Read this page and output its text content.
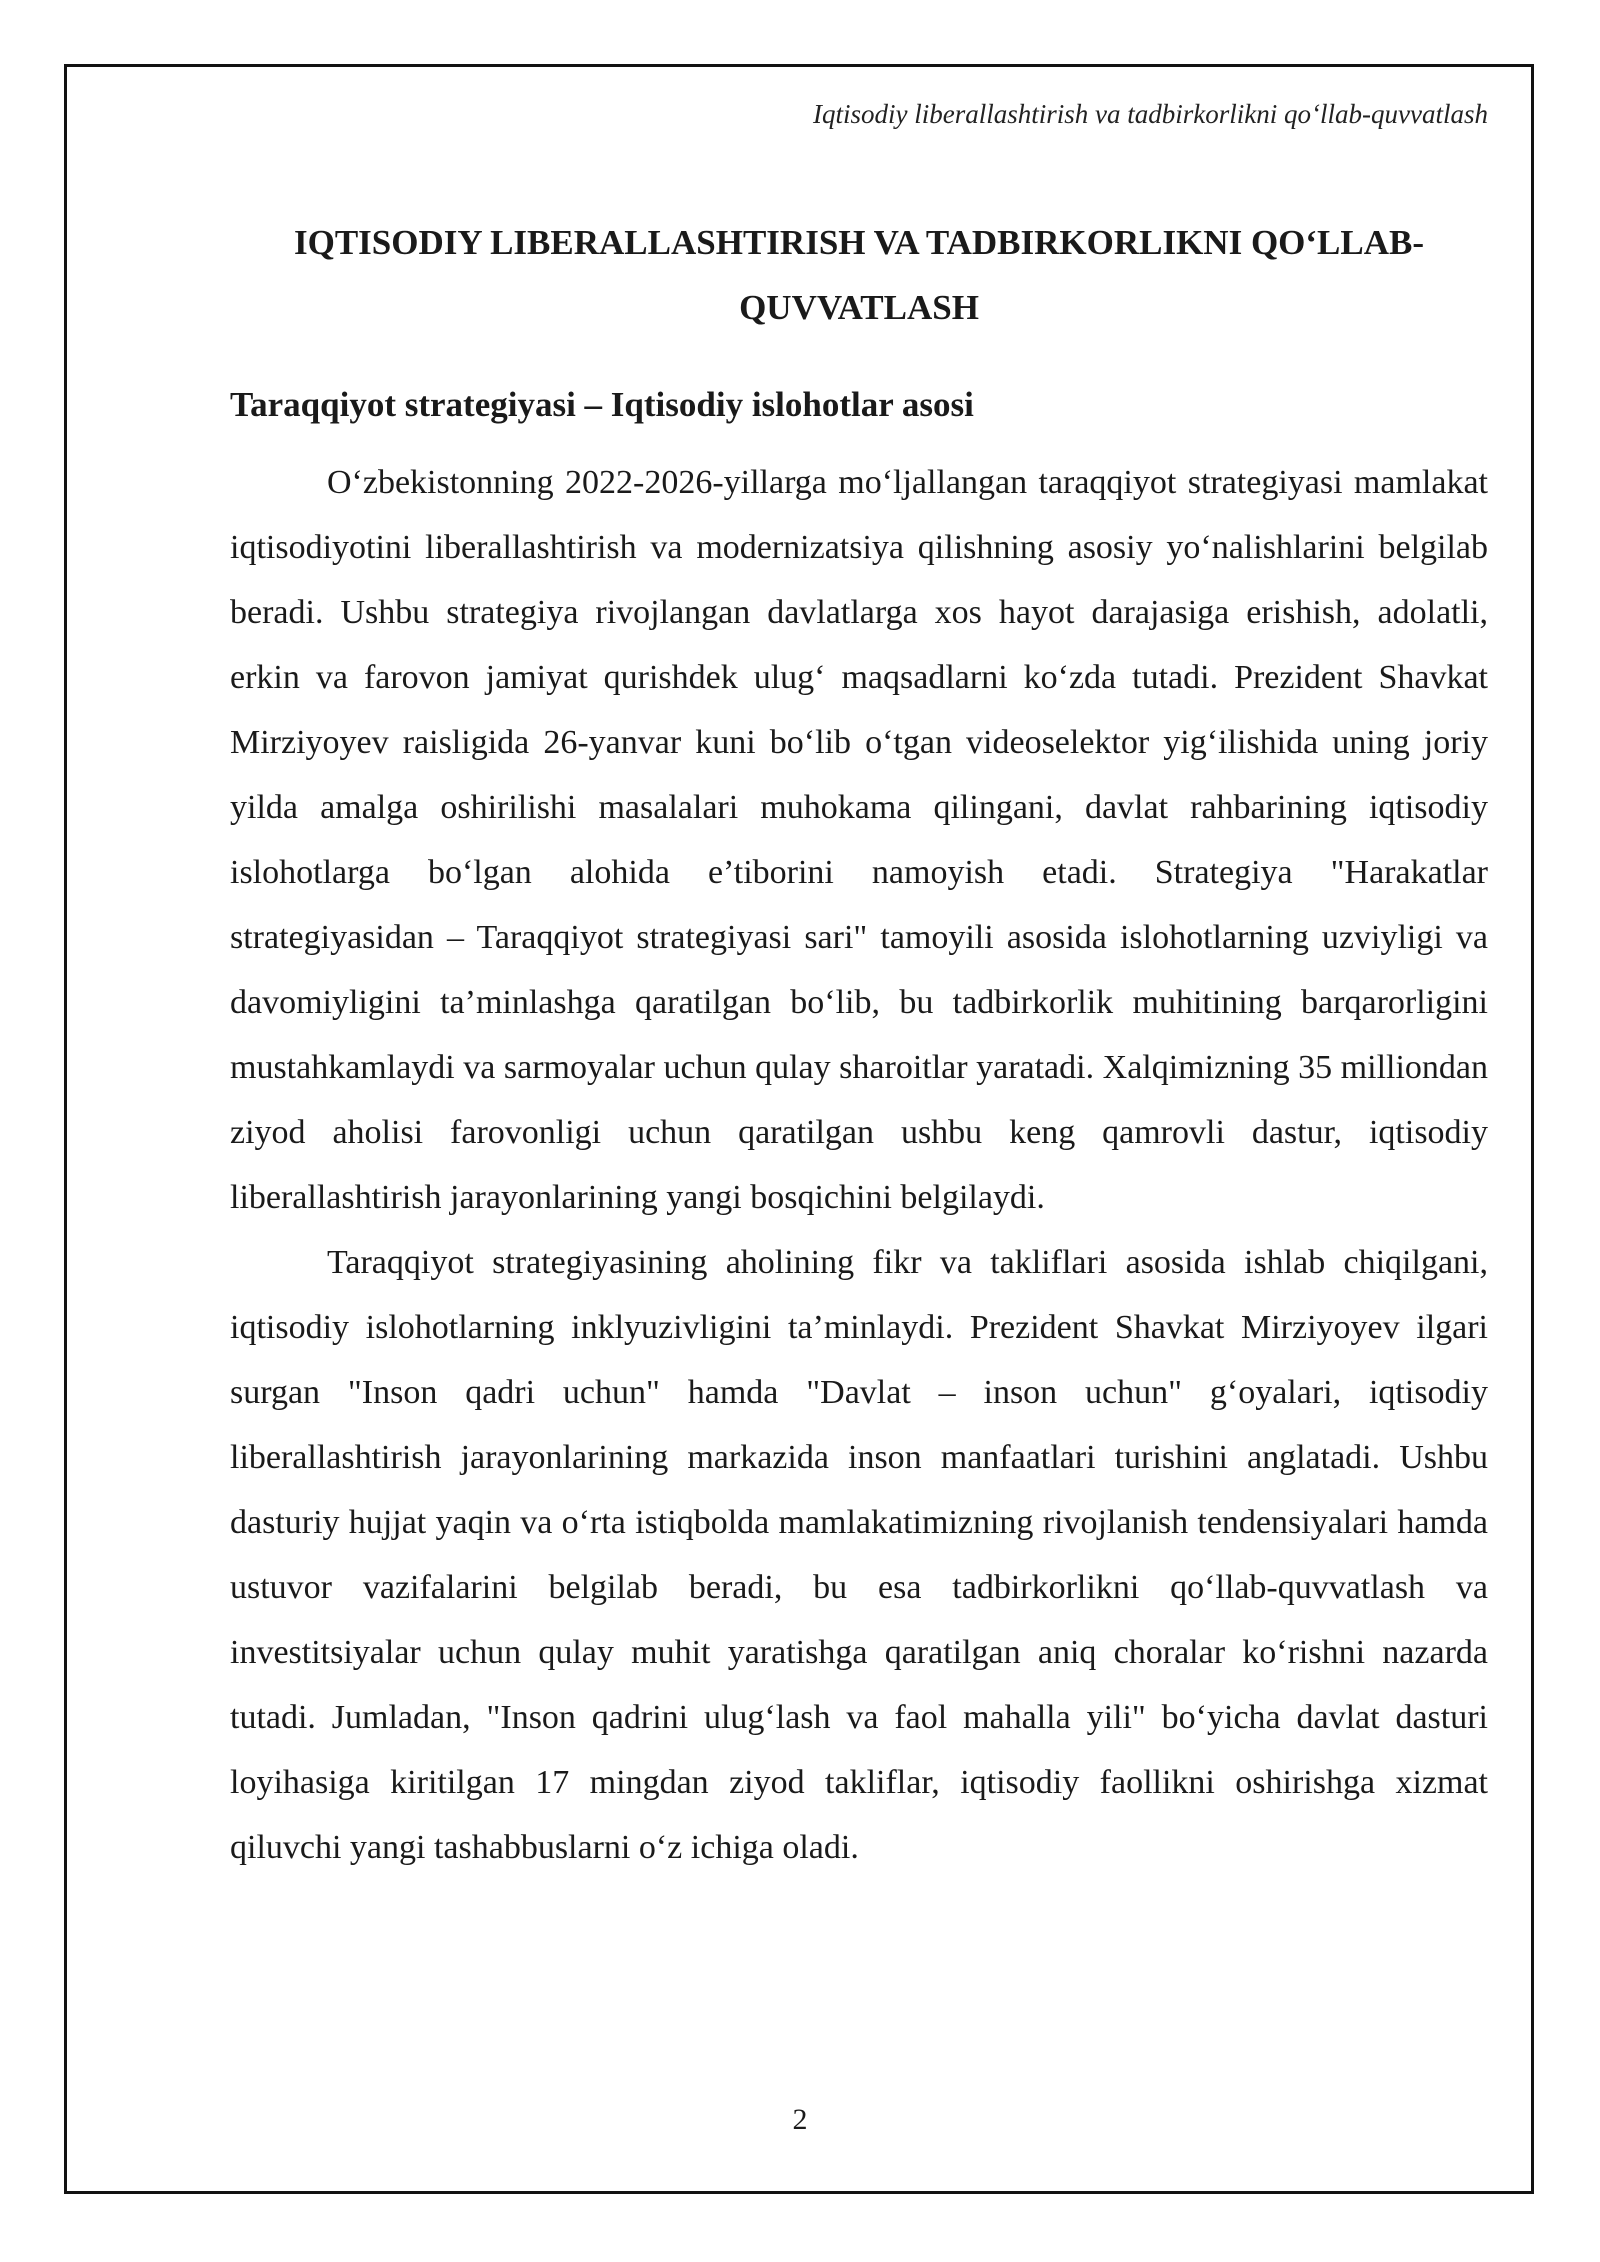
Iqtisodiy liberallashtirish va tadbirkorlikni qo‘llab-quvvatlash
IQTISODIY LIBERALLASHTIRISH VA TADBIRKORLIKNI QO‘LLAB-QUVVATLASH
Taraqqiyot strategiyasi – Iqtisodiy islohotlar asosi

O‘zbekistonning 2022-2026-yillarga mo‘ljallangan taraqqiyot strategiyasi mamlakat iqtisodiyotini liberallashtirish va modernizatsiya qilishning asosiy yo‘nalishlarini belgilab beradi. Ushbu strategiya rivojlangan davlatlarga xos hayot darajasiga erishish, adolatli, erkin va farovon jamiyat qurishdek ulug‘ maqsadlarni ko‘zda tutadi. Prezident Shavkat Mirziyoyev raisligida 26-yanvar kuni bo‘lib o‘tgan videoselektor yig‘ilishida uning joriy yilda amalga oshirilishi masalalari muhokama qilingani, davlat rahbarining iqtisodiy islohotlarga bo‘lgan alohida e’tiborini namoyish etadi. Strategiya "Harakatlar strategiyasidan – Taraqqiyot strategiyasi sari" tamoyili asosida islohotlarning uzviyligi va davomiyligini ta’minlashga qaratilgan bo‘lib, bu tadbirkorlik muhitining barqarorligini mustahkamlaydi va sarmoyalar uchun qulay sharoitlar yaratadi. Xalqimizning 35 milliondan ziyod aholisi farovonligi uchun qaratilgan ushbu keng qamrovli dastur, iqtisodiy liberallashtirish jarayonlarining yangi bosqichini belgilaydi.

Taraqqiyot strategiyasining aholining fikr va takliflari asosida ishlab chiqilgani, iqtisodiy islohotlarning inklyuzivligini ta’minlaydi. Prezident Shavkat Mirziyoyev ilgari surgan "Inson qadri uchun" hamda "Davlat – inson uchun" g‘oyalari, iqtisodiy liberallashtirish jarayonlarining markazida inson manfaatlari turishini anglatadi. Ushbu dasturiy hujjat yaqin va o‘rta istiqbolda mamlakatimizning rivojlanish tendensiyalari hamda ustuvor vazifalarini belgilab beradi, bu esa tadbirkorlikni qo‘llab-quvvatlash va investitsiyalar uchun qulay muhit yaratishga qaratilgan aniq choralar ko‘rishni nazarda tutadi. Jumladan, "Inson qadrini ulug‘lash va faol mahalla yili" bo‘yicha davlat dasturi loyihasiga kiritilgan 17 mingdan ziyod takliflar, iqtisodiy faollikni oshirishga xizmat qiluvchi yangi tashabbuslarni o‘z ichiga oladi.

2
